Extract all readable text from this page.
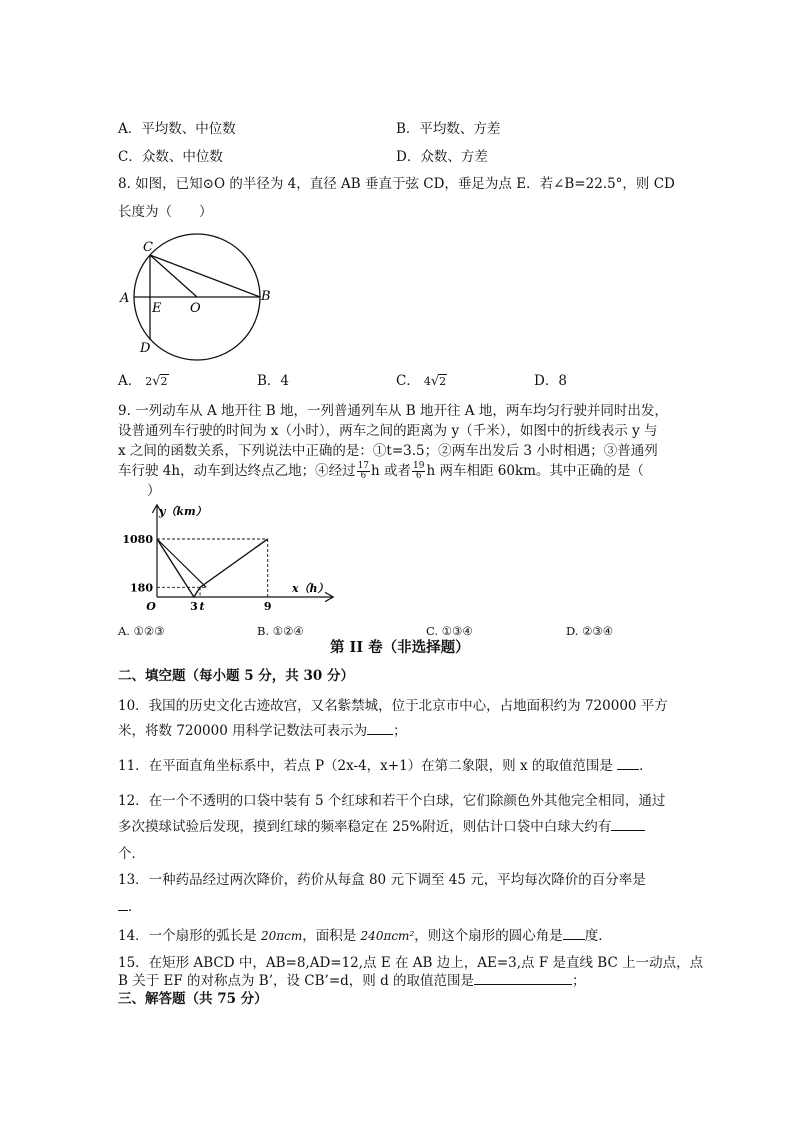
A．平均数、中位数	B．平均数、方差
C．众数、中位数	D．众数、方差
8. 如图，已知⊙O 的半径为 4，直径 AB 垂直于弦 CD，垂足为点 E．若∠B=22.5°，则 CD
长度为（　　）
C
A
E O
B
D
A． 2√2	B．4	C． 4√2	D．8
9. 一列动车从 A 地开往 B 地，一列普通列车从 B 地开往 A 地，两车均匀行驶并同时出发，
设普通列车行驶的时间为 x（小时），两车之间的距离为 y（千米），如图中的折线表示 y 与
x 之间的函数关系，下列说法中正确的是：①t=3.5；②两车出发后 3 小时相遇；③普通列
车行驶 4h，动车到达终点乙地；④经过 $\frac{17}{6}$ h 或者 $\frac{19}{6}$ h 两车相距 60km。其中正确的是（
）
1080
180
O	3 t	9
y（km）
x（h）
A. ①②③	B. ①②④	C. ①③④	D. ②③④
第 II 卷（非选择题）
二、填空题（每小题 5 分，共 30 分）
10．我国的历史文化古迹故宫，又名紫禁城，位于北京市中心，占地面积约为 720000 平方
米，将数 720000 用科学记数法可表示为 ；
11．在平面直角坐标系中，若点 P（2x-4，x+1）在第二象限，则 x 的取值范围是 ．
12．在一个不透明的口袋中装有 5 个红球和若干个白球，它们除颜色外其他完全相同，通过
多次摸球试验后发现，摸到红球的频率稳定在 25%附近，则估计口袋中白球大约有
个．
13．一种药品经过两次降价，药价从每盒 80 元下调至 45 元，平均每次降价的百分率是
．
14．一个扇形的弧长是 20πcm，面积是 240πcm²，则这个扇形的圆心角是 度．
15．在矩形 ABCD 中，AB=8,AD=12,点 E 在 AB 边上，AE=3,点 F 是直线 BC 上一动点，点
B 关于 EF 的对称点为 B’，设 CB’=d，则 d 的取值范围是	；
三、解答题（共 75 分）
